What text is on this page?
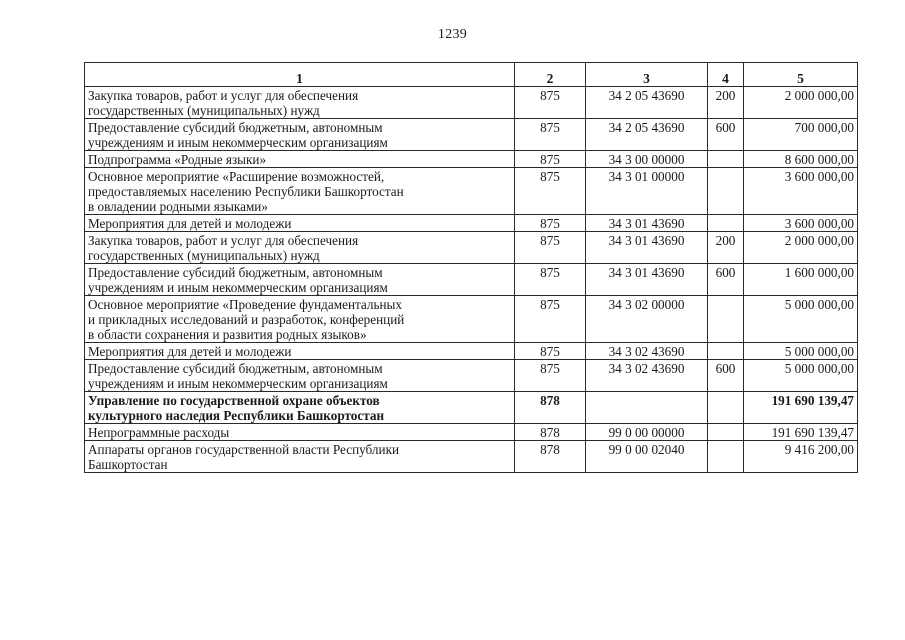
1239
1	2	3	4	5

Закупка товаров, работ и услуг для обеспечения
государственных (муниципальных) нужд	875	34 2 05 43690	200	2 000 000,00

Предоставление субсидий бюджетным, автономным
учреждениям и иным некоммерческим организациям	875	34 2 05 43690	600	700 000,00

Подпрограмма «Родные языки»	875	34 3 00 00000		8 600 000,00

Основное мероприятие «Расширение возможностей,
предоставляемых населению Республики Башкортостан
в овладении родными языками»	875	34 3 01 00000		3 600 000,00

Мероприятия для детей и молодежи	875	34 3 01 43690		3 600 000,00

Закупка товаров, работ и услуг для обеспечения
государственных (муниципальных) нужд	875	34 3 01 43690	200	2 000 000,00

Предоставление субсидий бюджетным, автономным
учреждениям и иным некоммерческим организациям	875	34 3 01 43690	600	1 600 000,00

Основное мероприятие «Проведение фундаментальных
и прикладных исследований и разработок, конференций
в области сохранения и развития родных языков»	875	34 3 02 00000		5 000 000,00

Мероприятия для детей и молодежи	875	34 3 02 43690		5 000 000,00

Предоставление субсидий бюджетным, автономным
учреждениям и иным некоммерческим организациям	875	34 3 02 43690	600	5 000 000,00

Управление по государственной охране объектов
культурного наследия Республики Башкортостан	878			191 690 139,47

Непрограммные расходы	878	99 0 00 00000		191 690 139,47

Аппараты органов государственной власти Республики
Башкортостан	878	99 0 00 02040		9 416 200,00
